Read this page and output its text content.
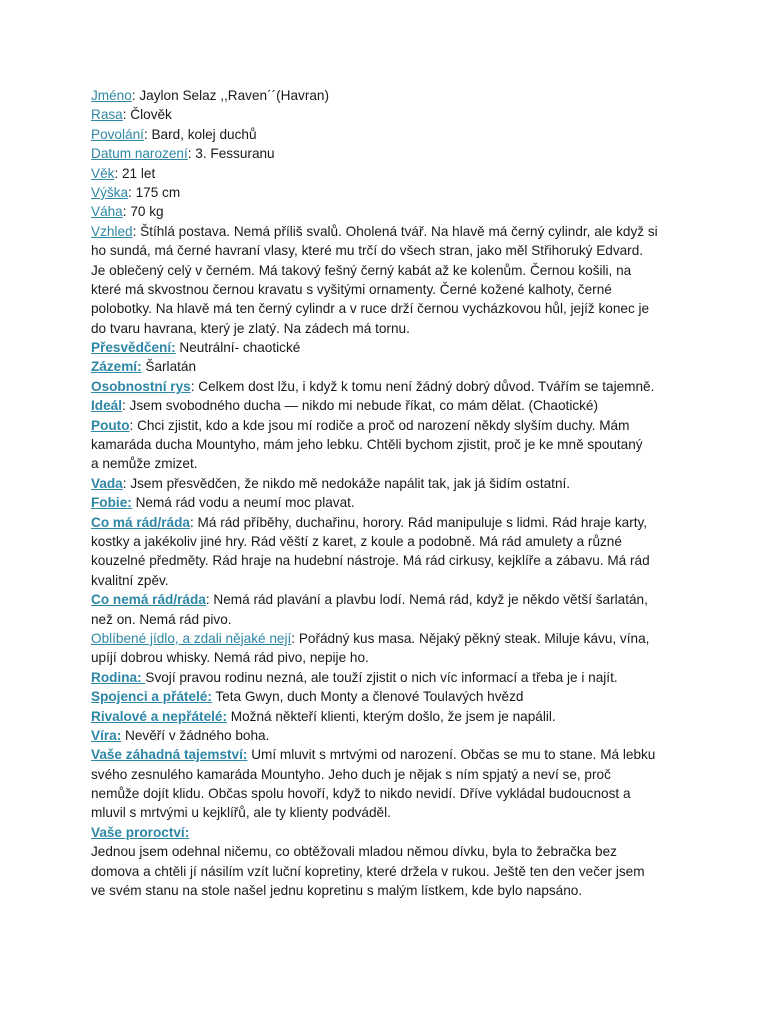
Jméno: Jaylon Selaz ,,Raven´´(Havran)
Rasa: Člověk
Povolání: Bard, kolej duchů
Datum narození: 3. Fessuranu
Věk: 21 let
Výška: 175 cm
Váha: 70 kg
Vzhled: Štíhlá postava. Nemá příliš svalů. Oholená tvář. Na hlavě má černý cylindr, ale když si
ho sundá, má černé havraní vlasy, které mu trčí do všech stran, jako měl Střihoruký Edvard.
Je oblečený celý v černém. Má takový fešný černý kabát až ke kolenům. Černou košili, na
které má skvostnou černou kravatu s vyšitými ornamenty. Černé kožené kalhoty, černé
polobotky. Na hlavě má ten černý cylindr a v ruce drží černou vycházkovou hůl, jejíž konec je
do tvaru havrana, který je zlatý. Na zádech má tornu.
Přesvědčení: Neutrální- chaotické
Zázemí: Šarlatán
Osobnostní rys: Celkem dost lžu, i když k tomu není žádný dobrý důvod. Tvářím se tajemně.
Ideál: Jsem svobodného ducha — nikdo mi nebude říkat, co mám dělat. (Chaotické)
Pouto: Chci zjistit, kdo a kde jsou mí rodiče a proč od narození někdy slyším duchy. Mám
kamaráda ducha Mountyho, mám jeho lebku. Chtěli bychom zjistit, proč je ke mně spoutaný
a nemůže zmizet.
Vada: Jsem přesvědčen, že nikdo mě nedokáže napálit tak, jak já šidím ostatní.
Fobie: Nemá rád vodu a neumí moc plavat.
Co má rád/ráda: Má rád příběhy, duchařinu, horory. Rád manipuluje s lidmi. Rád hraje karty,
kostky a jakékoliv jiné hry. Rád věští z karet, z koule a podobně. Má rád amulety a různé
kouzelné předměty. Rád hraje na hudební nástroje. Má rád cirkusy, kejklíře a zábavu. Má rád
kvalitní zpěv.
Co nemá rád/ráda: Nemá rád plavání a plavbu lodí. Nemá rád, když je někdo větší šarlatán,
než on. Nemá rád pivo.
Oblíbené jídlo, a zdali nějaké nejí: Pořádný kus masa. Nějaký pěkný steak. Miluje kávu, vína,
upíjí dobrou whisky. Nemá rád pivo, nepije ho.
Rodina: Svojí pravou rodinu nezná, ale touží zjistit o nich víc informací a třeba je i najít.
Spojenci a přátelé: Teta Gwyn, duch Monty a členové Toulavých hvězd
Rivalové a nepřátelé: Možná někteří klienti, kterým došlo, že jsem je napálil.
Víra: Nevěří v žádného boha.
Vaše záhadná tajemství: Umí mluvit s mrtvými od narození. Občas se mu to stane. Má lebku
svého zesnulého kamaráda Mountyho. Jeho duch je nějak s ním spjatý a neví se, proč
nemůže dojít klidu. Občas spolu hovoří, když to nikdo nevidí. Dříve vykládal budoucnost a
mluvil s mrtvými u kejklířů, ale ty klienty podváděl.
Vaše proroctví:
Jednou jsem odehnal ničemu, co obtěžovali mladou němou dívku, byla to žebračka bez
domova a chtěli jí násilím vzít luční kopretiny, které držela v rukou. Ještě ten den večer jsem
ve svém stanu na stole našel jednu kopretinu s malým lístkem, kde bylo napsáno.
